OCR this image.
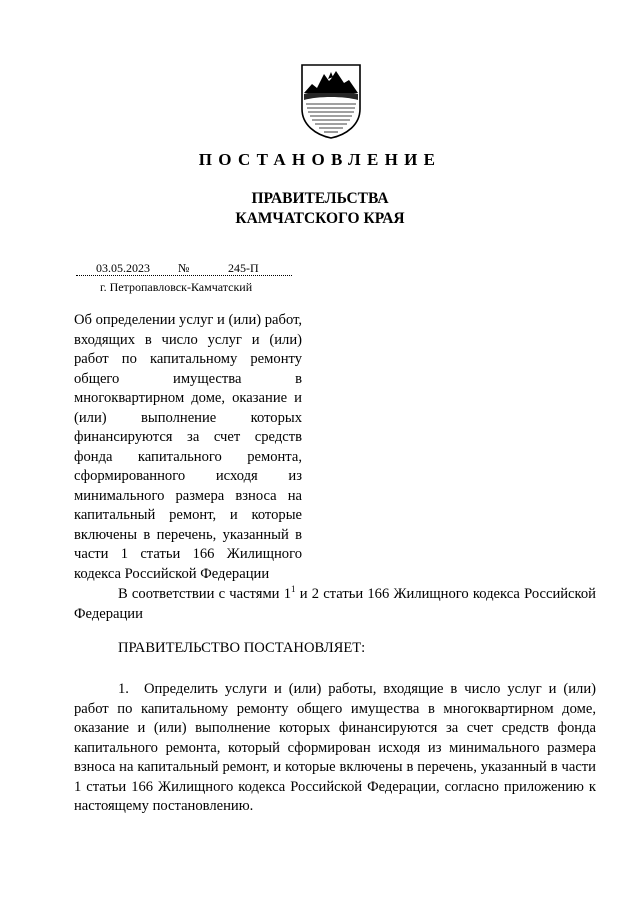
ПОСТАНОВЛЕНИЕ
ПРАВИТЕЛЬСТВА
КАМЧАТСКОГО КРАЯ
03.05.2023 №	245-П
г. Петропавловск-Камчатский
Об определении услуг и (или) работ, входящих в число услуг и (или) работ по капитальному ремонту общего имущества в многоквартирном доме, оказание и (или) выполнение которых финансируются за счет средств фонда капитального ремонта, сформированного исходя из минимального размера взноса на капитальный ремонт, и которые включены в перечень, указанный в части 1 статьи 166 Жилищного кодекса Российской Федерации
В соответствии с частями $1^1$ и 2 статьи 166 Жилищного кодекса Российской Федерации
ПРАВИТЕЛЬСТВО ПОСТАНОВЛЯЕТ:
1. Определить услуги и (или) работы, входящие в число услуг и (или) работ по капитальному ремонту общего имущества в многоквартирном доме, оказание и (или) выполнение которых финансируются за счет средств фонда капитального ремонта, который сформирован исходя из минимального размера взноса на капитальный ремонт, и которые включены в перечень, указанный в части 1 статьи 166 Жилищного кодекса Российской Федерации, согласно приложению к настоящему постановлению.
